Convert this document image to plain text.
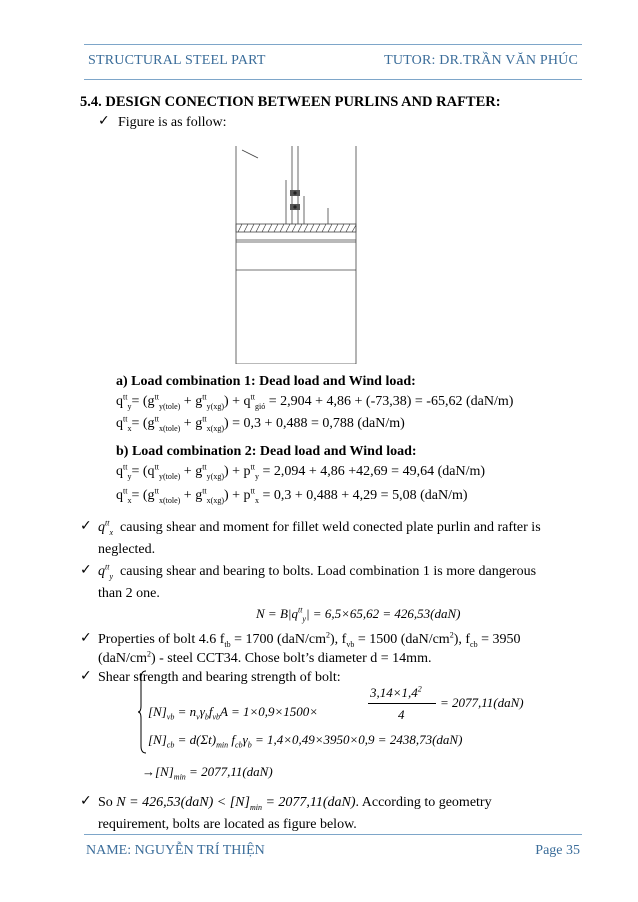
STRUCTURAL STEEL PART	TUTOR: DR.TRẦN VĂN PHÚC
5.4. DESIGN CONECTION BETWEEN PURLINS AND RAFTER:
✓ Figure is as follow:
a) Load combination 1: Dead load and Wind load:
$q^{tt}_y= (g^{tt}_{y(tole)} + g^{tt}_{y(xg)}) + q^{tt}_{gió} = 2,904 + 4,86 + (-73,38) = -65,62$ (daN/m)
$q^{tt}_x= (g^{tt}_{x(tole)} + g^{tt}_{x(xg)}) = 0,3 + 0,488 = 0,788$ (daN/m)
b) Load combination 2: Dead load and Wind load:
$q^{tt}_y= (q^{tt}_{y(tole)} + g^{tt}_{y(xg)}) + p^{tt}_y = 2,094 + 4,86 +42,69 = 49,64$ (daN/m)
$q^{tt}_x= (g^{tt}_{x(tole)} + g^{tt}_{x(xg)}) + p^{tt}_x = 0,3 + 0,488 + 4,29 = 5,08$ (daN/m)
✓ $q^{tt}_x$ causing shear and moment for fillet weld conected plate purlin and rafter is
neglected.
✓ $q^{tt}_y$ causing shear and bearing to bolts. Load combination 1 is more dangerous
than 2 one.
$N = B|q^{tt}_y| = 6,5\times 65,62 = 426,53(daN)$
✓ Properties of bolt 4.6 $f_{tb} = 1700$ $(daN/cm^2)$, $f_{vb} = 1500$ $(daN/cm^2)$, $f_{cb} = 3950$
$(daN/cm^2)$ - steel CCT34. Chose bolt’s diameter d = 14mm.
✓ Shear strength and bearing strength of bolt:
$[N]_{vb} = n_v\gamma_bf_{vb}A = 1\times 0,9\times 1500\times$
$3,14\times 1,4^2$
4
= 2077,11(daN)
$[N]_{cb} = d(\Sigma t)_{min}$ $f_{cb}\gamma_b = 1,4\times 0,49\times 3950\times 0,9 = 2438,73(daN)$
$\to[N]_{min} = 2077,11(daN)$
✓ So $N = 426,53(daN) < [N]_{min} = 2077,11(daN)$. According to geometry
requirement, bolts are located as figure below.
NAME: NGUYỄN TRÍ THIỆN	Page 35
